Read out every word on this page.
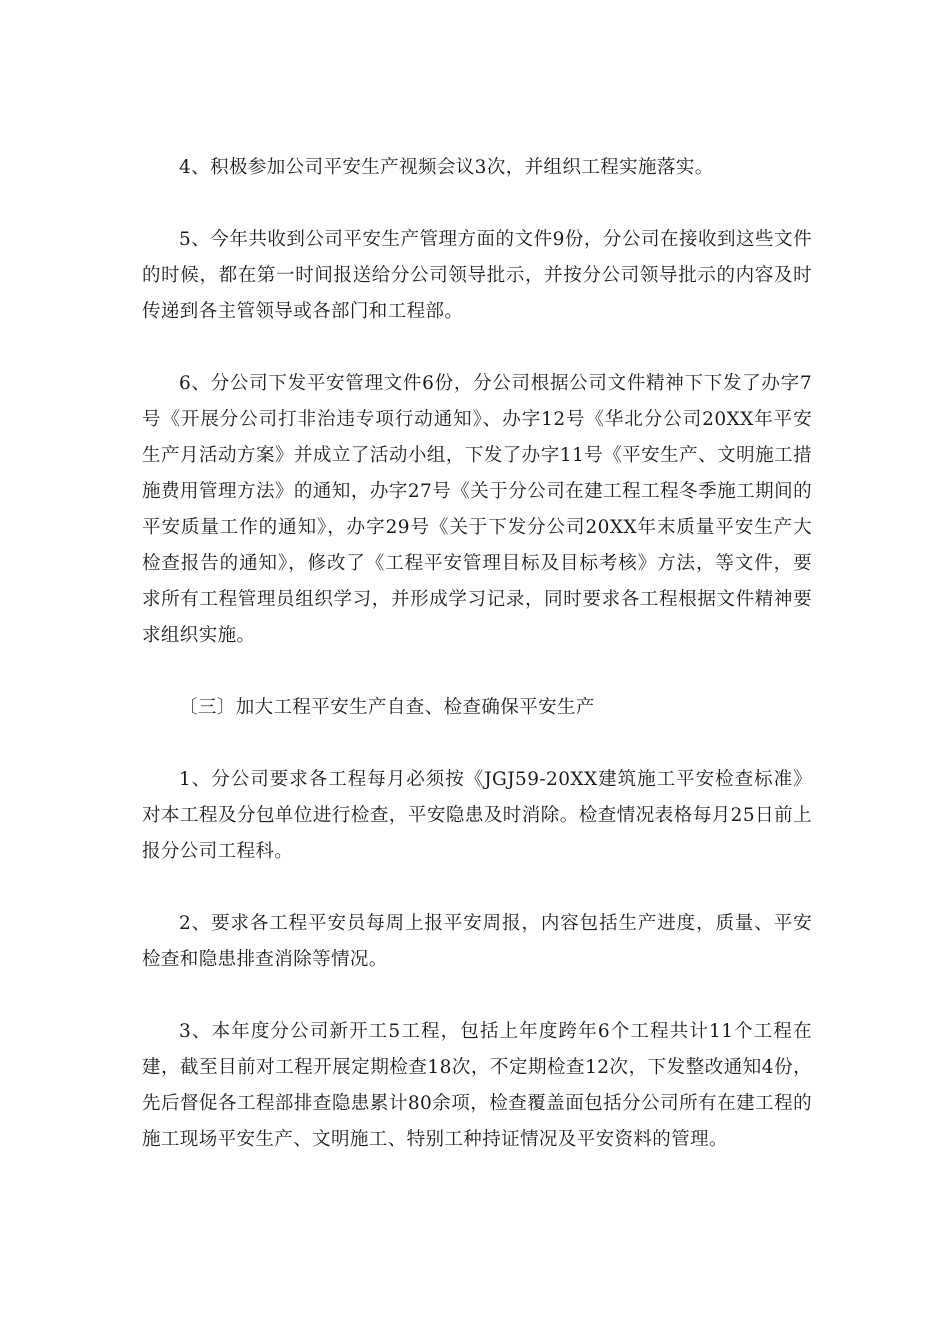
4、积极参加公司平安生产视频会议3次，并组织工程实施落实。

5、今年共收到公司平安生产管理方面的文件9份，分公司在接收到这些文件的时候，都在第一时间报送给分公司领导批示，并按分公司领导批示的内容及时传递到各主管领导或各部门和工程部。

6、分公司下发平安管理文件6份，分公司根据公司文件精神下下发了办字7号《开展分公司打非治违专项行动通知》、办字12号《华北分公司20XX年平安生产月活动方案》并成立了活动小组，下发了办字11号《平安生产、文明施工措施费用管理方法》的通知，办字27号《关于分公司在建工程工程冬季施工期间的平安质量工作的通知》，办字29号《关于下发分公司20XX年末质量平安生产大检查报告的通知》，修改了《工程平安管理目标及目标考核》方法，等文件，要求所有工程管理员组织学习，并形成学习记录，同时要求各工程根据文件精神要求组织实施。

〔三〕加大工程平安生产自查、检查确保平安生产

1、分公司要求各工程每月必须按《JGJ59-20XX建筑施工平安检查标准》对本工程及分包单位进行检查，平安隐患及时消除。检查情况表格每月25日前上报分公司工程科。

2、要求各工程平安员每周上报平安周报，内容包括生产进度，质量、平安检查和隐患排查消除等情况。

3、本年度分公司新开工5工程，包括上年度跨年6个工程共计11个工程在建，截至目前对工程开展定期检查18次，不定期检查12次，下发整改通知4份，先后督促各工程部排查隐患累计80余项，检查覆盖面包括分公司所有在建工程的施工现场平安生产、文明施工、特别工种持证情况及平安资料的管理。
